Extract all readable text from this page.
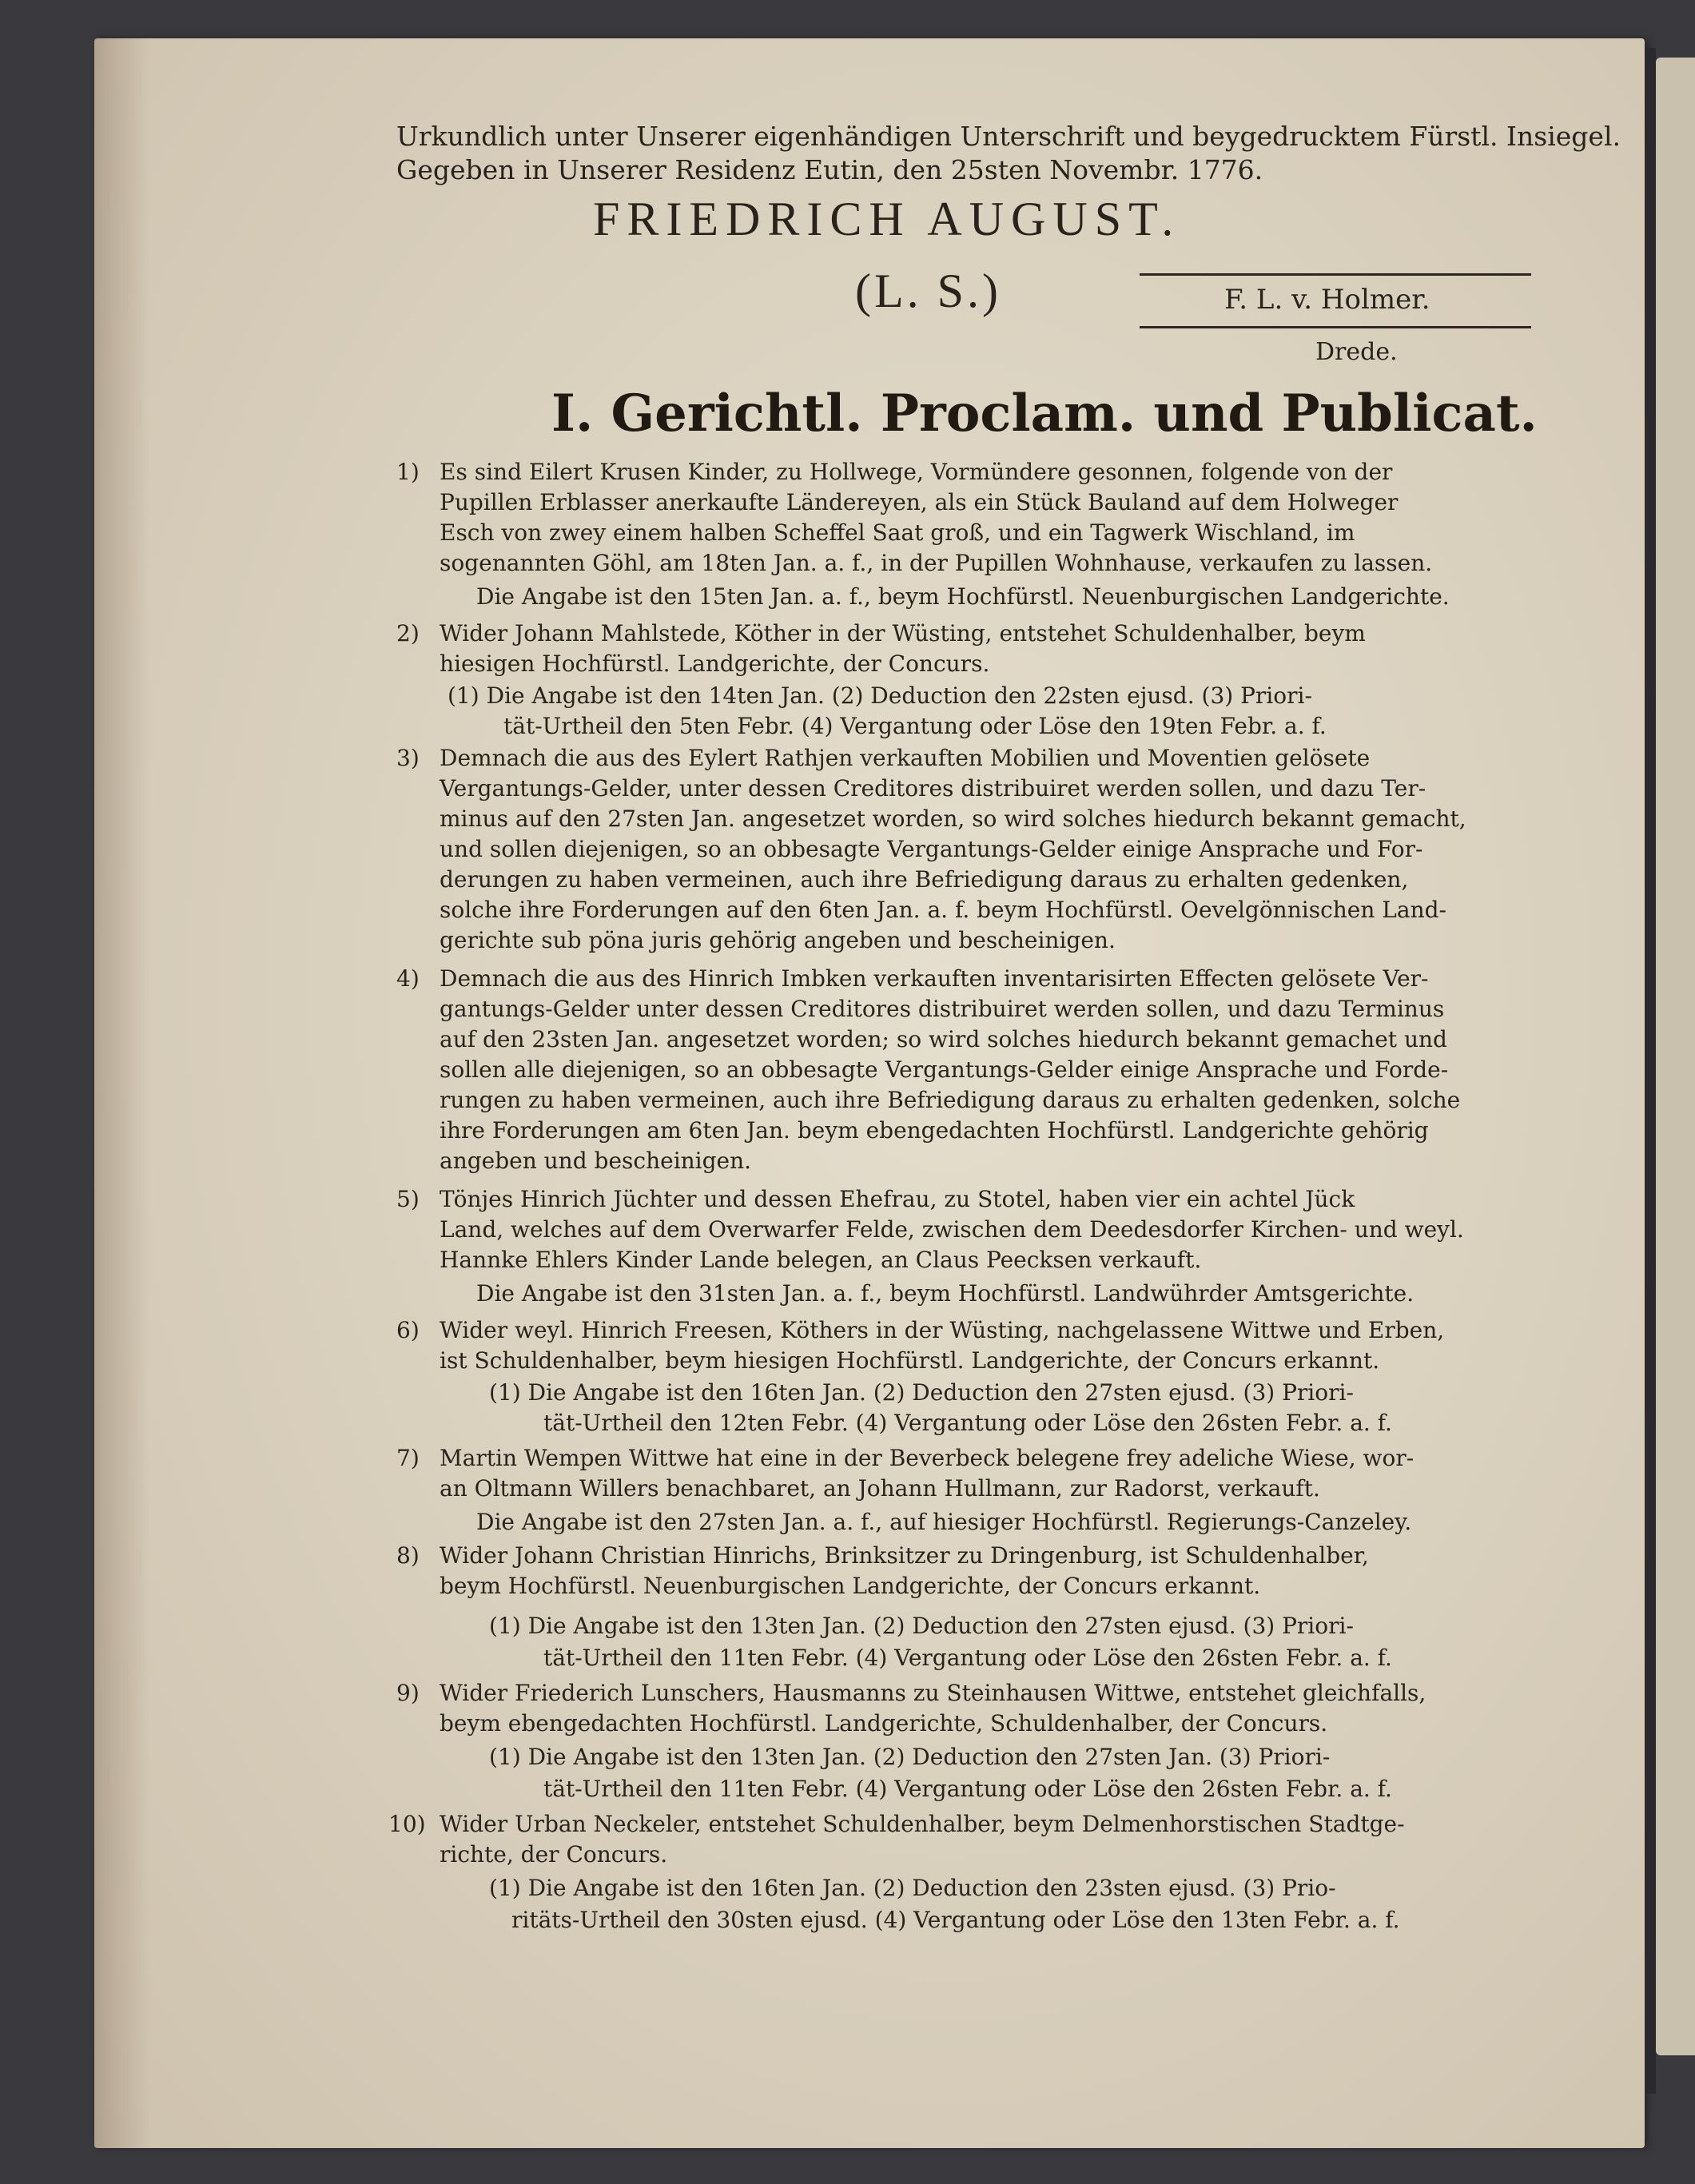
Urkundlich unter Unserer eigenhändigen Unterschrift und beygedrucktem Fürstl. Insiegel.

Gegeben in Unserer Residenz Eutin, den 25sten Novembr. 1776.

FRIEDRICH AUGUST.

(L. S.)	F. L. v. Holmer.

Drede.

I. Gerichtl. Proclam. und Publicat.

1) Es sind Eilert Krusen Kinder, zu Hollwege, Vormündere gesonnen, folgende von der

Pupillen Erblasser anerkaufte Ländereyen, als ein Stück Bauland auf dem Holweger

Esch von zwey einem halben Scheffel Saat groß, und ein Tagwerk Wischland, im

sogenannten Göhl, am 18ten Jan. a. f., in der Pupillen Wohnhause, verkaufen zu lassen.

Die Angabe ist den 15ten Jan. a. f., beym Hochfürstl. Neuenburgischen Landgerichte.

2) Wider Johann Mahlstede, Köther in der Wüsting, entstehet Schuldenhalber, beym

hiesigen Hochfürstl. Landgerichte, der Concurs.

(1) Die Angabe ist den 14ten Jan. (2) Deduction den 22sten ejusd. (3) Priori-

tät-Urtheil den 5ten Febr. (4) Vergantung oder Löse den 19ten Febr. a. f.

3) Demnach die aus des Eylert Rathjen verkauften Mobilien und Moventien gelösete

Vergantungs-Gelder, unter dessen Creditores distribuiret werden sollen, und dazu Ter-

minus auf den 27sten Jan. angesetzet worden, so wird solches hiedurch bekannt gemacht,

und sollen diejenigen, so an obbesagte Vergantungs-Gelder einige Ansprache und For-

derungen zu haben vermeinen, auch ihre Befriedigung daraus zu erhalten gedenken,

solche ihre Forderungen auf den 6ten Jan. a. f. beym Hochfürstl. Oevelgönnischen Land-

gerichte sub pöna juris gehörig angeben und bescheinigen.

4) Demnach die aus des Hinrich Imbken verkauften inventarisirten Effecten gelösete Ver-

gantungs-Gelder unter dessen Creditores distribuiret werden sollen, und dazu Terminus

auf den 23sten Jan. angesetzet worden; so wird solches hiedurch bekannt gemachet und

sollen alle diejenigen, so an obbesagte Vergantungs-Gelder einige Ansprache und Forde-

rungen zu haben vermeinen, auch ihre Befriedigung daraus zu erhalten gedenken, solche

ihre Forderungen am 6ten Jan. beym ebengedachten Hochfürstl. Landgerichte gehörig

angeben und bescheinigen.

5) Tönjes Hinrich Jüchter und dessen Ehefrau, zu Stotel, haben vier ein achtel Jück

Land, welches auf dem Overwarfer Felde, zwischen dem Deedesdorfer Kirchen- und weyl.

Hannke Ehlers Kinder Lande belegen, an Claus Peecksen verkauft.

Die Angabe ist den 31sten Jan. a. f., beym Hochfürstl. Landwührder Amtsgerichte.

6) Wider weyl. Hinrich Freesen, Köthers in der Wüsting, nachgelassene Wittwe und Erben,

ist Schuldenhalber, beym hiesigen Hochfürstl. Landgerichte, der Concurs erkannt.

(1) Die Angabe ist den 16ten Jan. (2) Deduction den 27sten ejusd. (3) Priori-

tät-Urtheil den 12ten Febr. (4) Vergantung oder Löse den 26sten Febr. a. f.

7) Martin Wempen Wittwe hat eine in der Beverbeck belegene frey adeliche Wiese, wor-

an Oltmann Willers benachbaret, an Johann Hullmann, zur Radorst, verkauft.

Die Angabe ist den 27sten Jan. a. f., auf hiesiger Hochfürstl. Regierungs-Canzeley.

8) Wider Johann Christian Hinrichs, Brinksitzer zu Dringenburg, ist Schuldenhalber,

beym Hochfürstl. Neuenburgischen Landgerichte, der Concurs erkannt.

(1) Die Angabe ist den 13ten Jan. (2) Deduction den 27sten ejusd. (3) Priori-

tät-Urtheil den 11ten Febr. (4) Vergantung oder Löse den 26sten Febr. a. f.

9) Wider Friederich Lunschers, Hausmanns zu Steinhausen Wittwe, entstehet gleichfalls,

beym ebengedachten Hochfürstl. Landgerichte, Schuldenhalber, der Concurs.

(1) Die Angabe ist den 13ten Jan. (2) Deduction den 27sten Jan. (3) Priori-

tät-Urtheil den 11ten Febr. (4) Vergantung oder Löse den 26sten Febr. a. f.

10) Wider Urban Neckeler, entstehet Schuldenhalber, beym Delmenhorstischen Stadtge-

richte, der Concurs.

(1) Die Angabe ist den 16ten Jan. (2) Deduction den 23sten ejusd. (3) Prio-

ritäts-Urtheil den 30sten ejusd. (4) Vergantung oder Löse den 13ten Febr. a. f.
